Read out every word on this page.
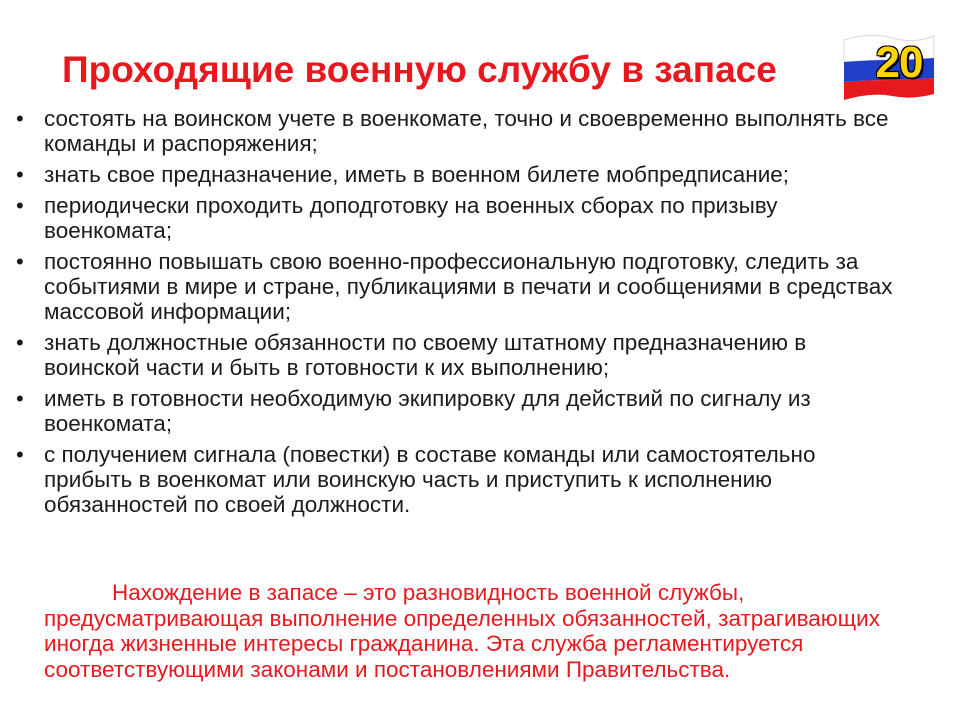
Проходящие военную службу в запасе	20
• состоять на воинском учете в военкомате, точно и своевременно выполнять все команды и распоряжения;
• знать свое предназначение, иметь в военном билете мобпредписание;
• периодически проходить доподготовку на военных сборах по призыву военкомата;
• постоянно повышать свою военно-профессиональную подготовку, следить за событиями в мире и стране, публикациями в печати и сообщениями в средствах массовой информации;
• знать должностные обязанности по своему штатному предназначению в воинской части и быть в готовности к их выполнению;
• иметь в готовности необходимую экипировку для действий по сигналу из военкомата;
• с получением сигнала (повестки) в составе команды или самостоятельно прибыть в военкомат или воинскую часть и приступить к исполнению обязанностей по своей должности.

Нахождение в запасе – это разновидность военной службы, предусматривающая выполнение определенных обязанностей, затрагивающих иногда жизненные интересы гражданина. Эта служба регламентируется соответствующими законами и постановлениями Правительства.
